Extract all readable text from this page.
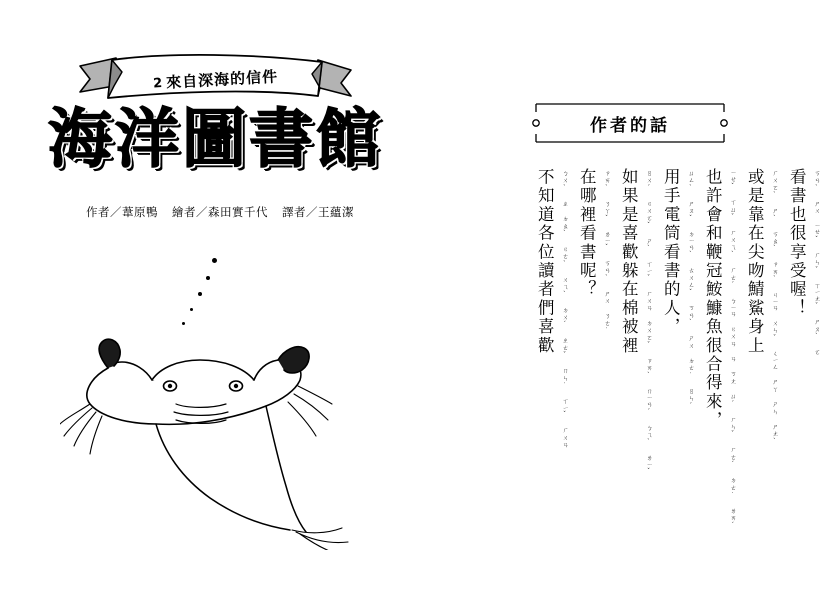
2 來自深海的信件
海洋圖書館
作者／葦原鴨 繪者／森田實千代 譯者／王蘊潔
作者的話
看書也很享受喔！	ㄎㄢˋ ㄕㄨ ㄧㄝˇ ㄏㄣˇ ㄒㄧㄤˇ ㄕㄡˋ ㄛ
或是靠在尖吻鯖鯊身上	ㄏㄨㄛˋ ㄕˋ ㄎㄠˋ ㄗㄞˋ ㄐㄧㄢ ㄨㄣˇ ㄑㄧㄥ ㄕㄚ ㄕㄣ ㄕㄤˋ
也許會和鞭冠鮟鱇魚很合得來，	ㄧㄝˇ ㄒㄩˇ ㄏㄨㄟˋ ㄏㄜˊ ㄅㄧㄢ ㄍㄨㄢ ㄢ ㄎㄤ ㄩˊ ㄏㄣˇ ㄏㄜˊ ㄉㄜ˙ ㄌㄞˊ
用手電筒看書的人，	ㄩㄥˋ ㄕㄡˇ ㄉㄧㄢˋ ㄊㄨㄥˇ ㄎㄢˋ ㄕㄨ ㄉㄜ˙ ㄖㄣˊ
如果是喜歡躲在棉被裡	ㄖㄨˊ ㄍㄨㄛˇ ㄕˋ ㄒㄧˇ ㄏㄨㄢ ㄉㄨㄛˇ ㄗㄞˋ ㄇㄧㄢˊ ㄅㄟˋ ㄌㄧˇ
在哪裡看書呢？	ㄗㄞˋ ㄋㄚˇ ㄌㄧˇ ㄎㄢˋ ㄕㄨ ㄋㄜ˙
不知道各位讀者們喜歡	ㄅㄨˋ ㄓ ㄉㄠˋ ㄍㄜˋ ㄨㄟˋ ㄉㄨˊ ㄓㄜˇ ㄇㄣ˙ ㄒㄧˇ ㄏㄨㄢ
